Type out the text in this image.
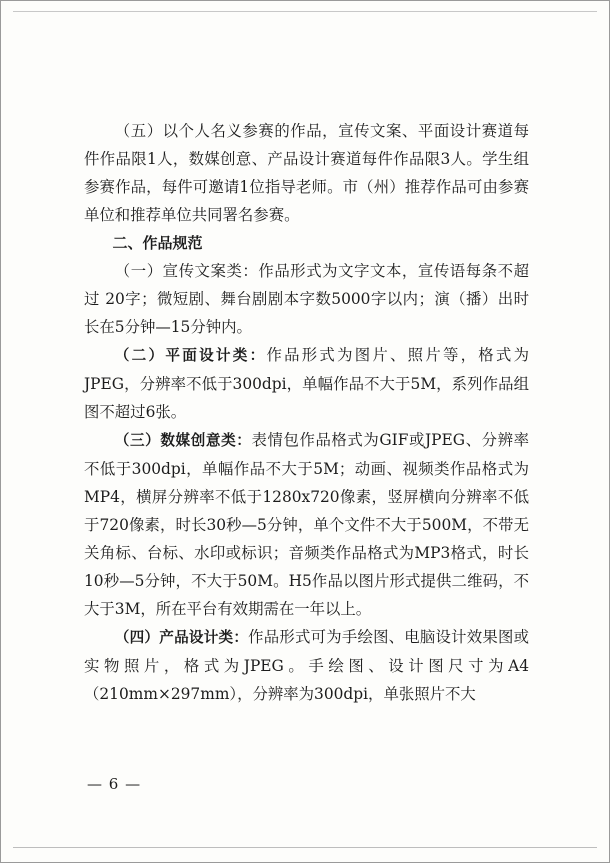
（五）以个人名义参赛的作品，宣传文案、平面设计赛道每件作品限1人，数媒创意、产品设计赛道每件作品限3人。学生组参赛作品，每件可邀请1位指导老师。市（州）推荐作品可由参赛单位和推荐单位共同署名参赛。

二、作品规范

（一）宣传文案类：作品形式为文字文本，宣传语每条不超过 20字；微短剧、舞台剧剧本字数5000字以内；演（播）出时长在5分钟—15分钟内。

（二）平面设计类：作品形式为图片、照片等，格式为JPEG，分辨率不低于300dpi，单幅作品不大于5M，系列作品组图不超过6张。

（三）数媒创意类：表情包作品格式为GIF或JPEG、分辨率不低于300dpi，单幅作品不大于5M；动画、视频类作品格式为MP4，横屏分辨率不低于1280x720像素，竖屏横向分辨率不低于720像素，时长30秒—5分钟，单个文件不大于500M，不带无关角标、台标、水印或标识；音频类作品格式为MP3格式，时长10秒—5分钟，不大于50M。H5作品以图片形式提供二维码，不大于3M，所在平台有效期需在一年以上。

（四）产品设计类：作品形式可为手绘图、电脑设计效果图或实物照片，格式为JPEG。手绘图、设计图尺寸为A4（210mm×297mm），分辨率为300dpi，单张照片不大

— 6 —
